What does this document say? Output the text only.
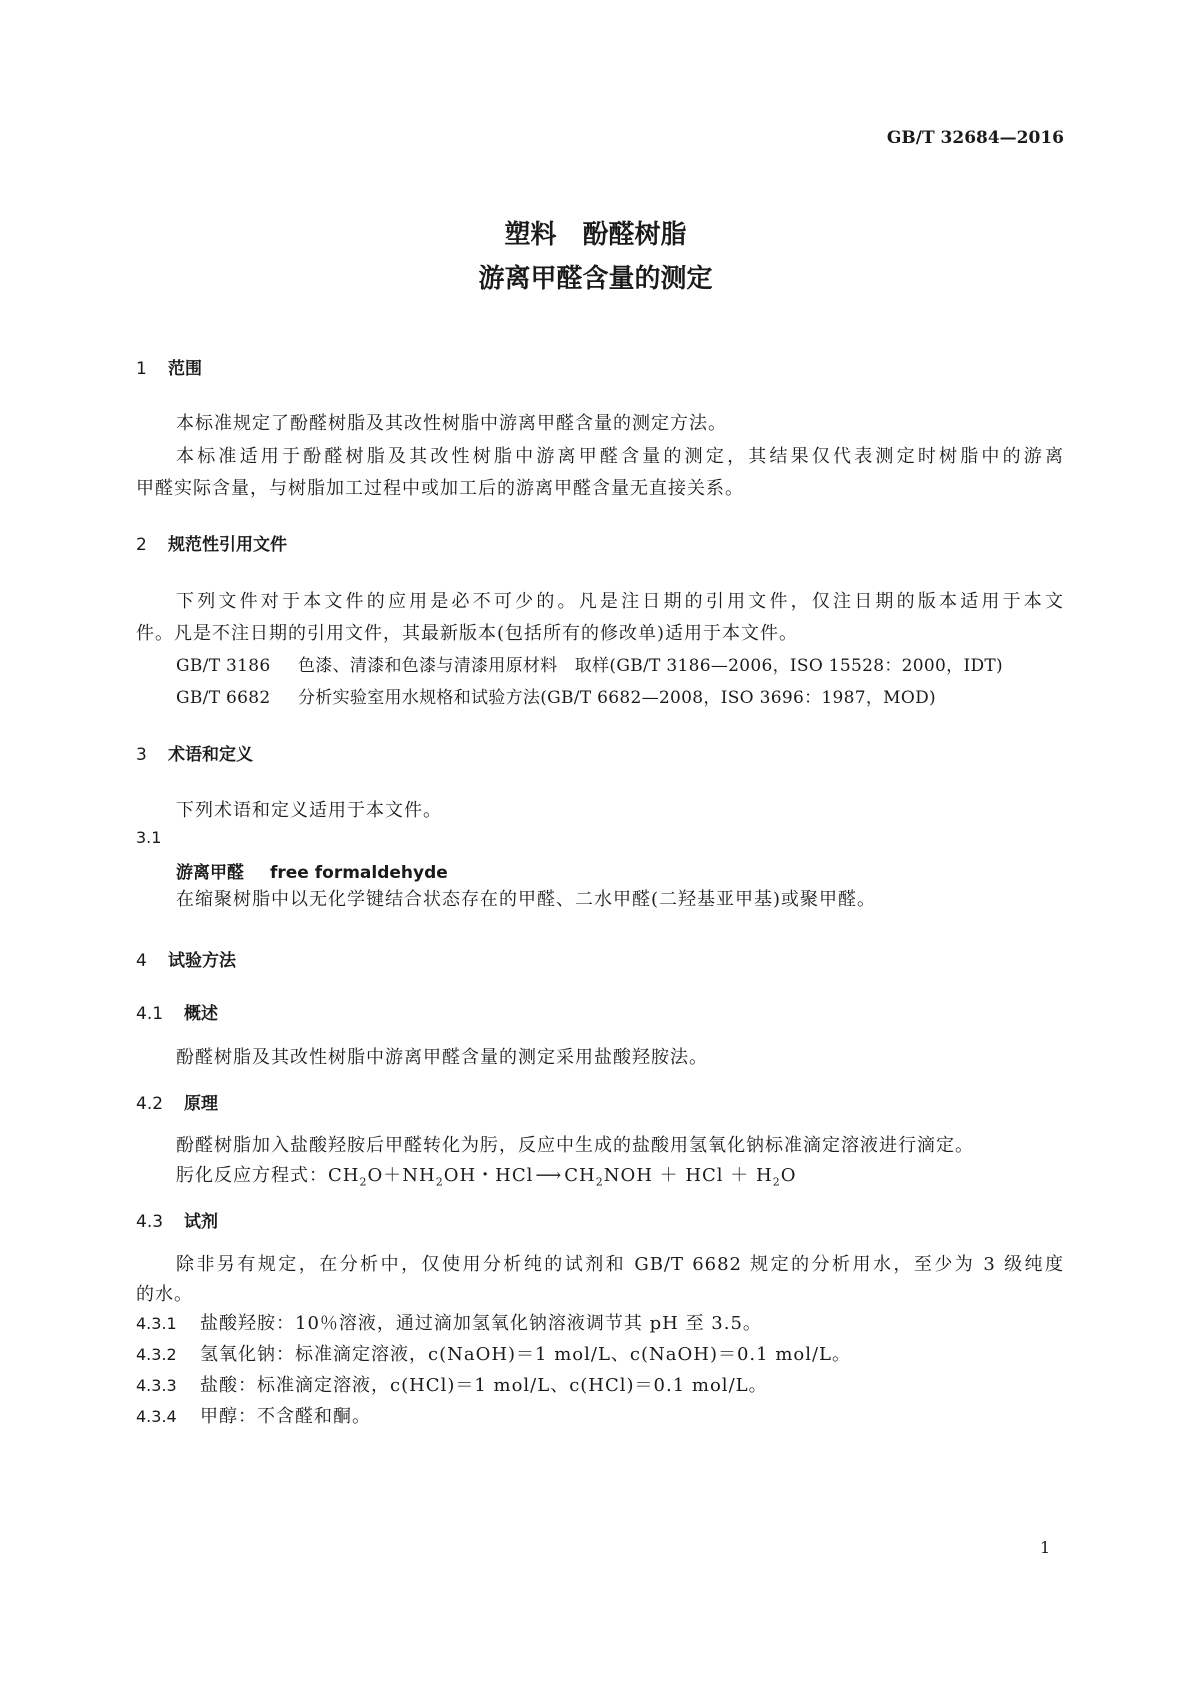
GB/T 32684—2016
塑料　酚醛树脂
游离甲醛含量的测定
1 范围
本标准规定了酚醛树脂及其改性树脂中游离甲醛含量的测定方法。
本标准适用于酚醛树脂及其改性树脂中游离甲醛含量的测定，其结果仅代表测定时树脂中的游离
甲醛实际含量，与树脂加工过程中或加工后的游离甲醛含量无直接关系。
2 规范性引用文件
下列文件对于本文件的应用是必不可少的。凡是注日期的引用文件，仅注日期的版本适用于本文
件。凡是不注日期的引用文件，其最新版本(包括所有的修改单)适用于本文件。
GB/T 3186 色漆、清漆和色漆与清漆用原材料　取样(GB/T 3186—2006，ISO 15528：2000，IDT)
GB/T 6682 分析实验室用水规格和试验方法(GB/T 6682—2008，ISO 3696：1987，MOD)
3 术语和定义
下列术语和定义适用于本文件。
3.1
游离甲醛 free formaldehyde
在缩聚树脂中以无化学键结合状态存在的甲醛、二水甲醛(二羟基亚甲基)或聚甲醛。
4 试验方法
4.1 概述
酚醛树脂及其改性树脂中游离甲醛含量的测定采用盐酸羟胺法。
4.2 原理
酚醛树脂加入盐酸羟胺后甲醛转化为肟，反应中生成的盐酸用氢氧化钠标准滴定溶液进行滴定。
肟化反应方程式：$CH_2O+NH_2OH$・HCl ⟶ $CH_2NOH$ ＋ HCl ＋ $H_2O$
4.3 试剂
除非另有规定，在分析中，仅使用分析纯的试剂和 GB/T 6682 规定的分析用水，至少为 3 级纯度
的水。
4.3.1 盐酸羟胺：10％溶液，通过滴加氢氧化钠溶液调节其 pH 至 3.5。
4.3.2 氢氧化钠：标准滴定溶液，c(NaOH)＝1 mol/L、c(NaOH)＝0.1 mol/L。
4.3.3 盐酸：标准滴定溶液，c(HCl)＝1 mol/L、c(HCl)＝0.1 mol/L。
4.3.4 甲醇：不含醛和酮。
1
